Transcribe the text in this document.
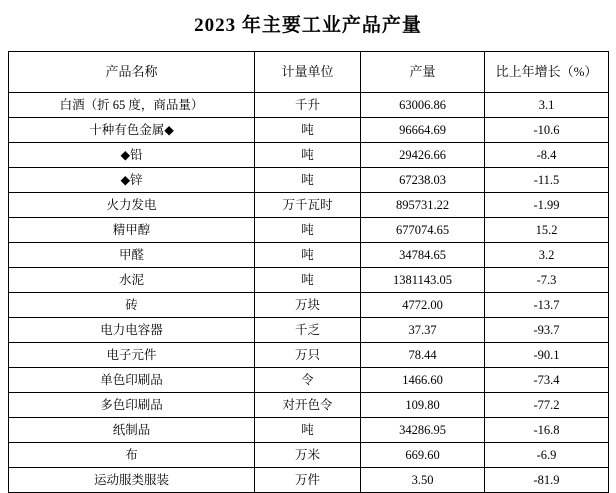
2023 年主要工业产品产量
产品名称	计量单位	产量	比上年增长（%）
白酒（折 65 度，商品量）	千升	63006.86	3.1
十种有色金属◆	吨	96664.69	-10.6
◆铅	吨	29426.66	-8.4
◆锌	吨	67238.03	-11.5
火力发电	万千瓦时	895731.22	-1.99
精甲醇	吨	677074.65	15.2
甲醛	吨	34784.65	3.2
水泥	吨	1381143.05	-7.3
砖	万块	4772.00	-13.7
电力电容器	千乏	37.37	-93.7
电子元件	万只	78.44	-90.1
单色印刷品	令	1466.60	-73.4
多色印刷品	对开色令	109.80	-77.2
纸制品	吨	34286.95	-16.8
布	万米	669.60	-6.9
运动服类服装	万件	3.50	-81.9
